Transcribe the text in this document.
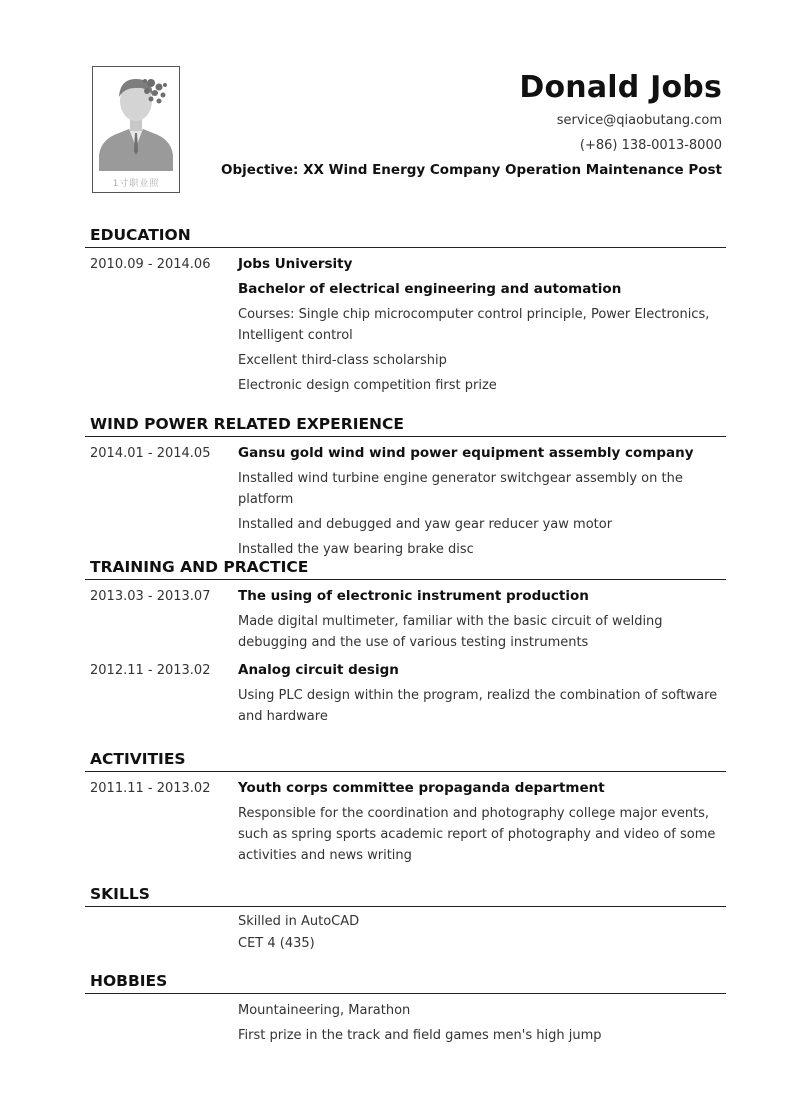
1寸职业照
Donald Jobs
service@qiaobutang.com
(+86) 138-0013-8000
Objective: XX Wind Energy Company Operation Maintenance Post
EDUCATION
2010.09 - 2014.06 Jobs University
Bachelor of electrical engineering and automation
Courses: Single chip microcomputer control principle, Power Electronics, Intelligent control
Excellent third-class scholarship
Electronic design competition first prize
WIND POWER RELATED EXPERIENCE
2014.01 - 2014.05 Gansu gold wind wind power equipment assembly company
Installed wind turbine engine generator switchgear assembly on the platform
Installed and debugged and yaw gear reducer yaw motor
Installed the yaw bearing brake disc
TRAINING AND PRACTICE
2013.03 - 2013.07 The using of electronic instrument production
Made digital multimeter, familiar with the basic circuit of welding debugging and the use of various testing instruments
2012.11 - 2013.02 Analog circuit design
Using PLC design within the program, realizd the combination of software and hardware
ACTIVITIES
2011.11 - 2013.02 Youth corps committee propaganda department
Responsible for the coordination and photography college major events, such as spring sports academic report of photography and video of some activities and news writing
SKILLS
Skilled in AutoCAD
CET 4 (435)
HOBBIES
Mountaineering, Marathon
First prize in the track and field games men's high jump
